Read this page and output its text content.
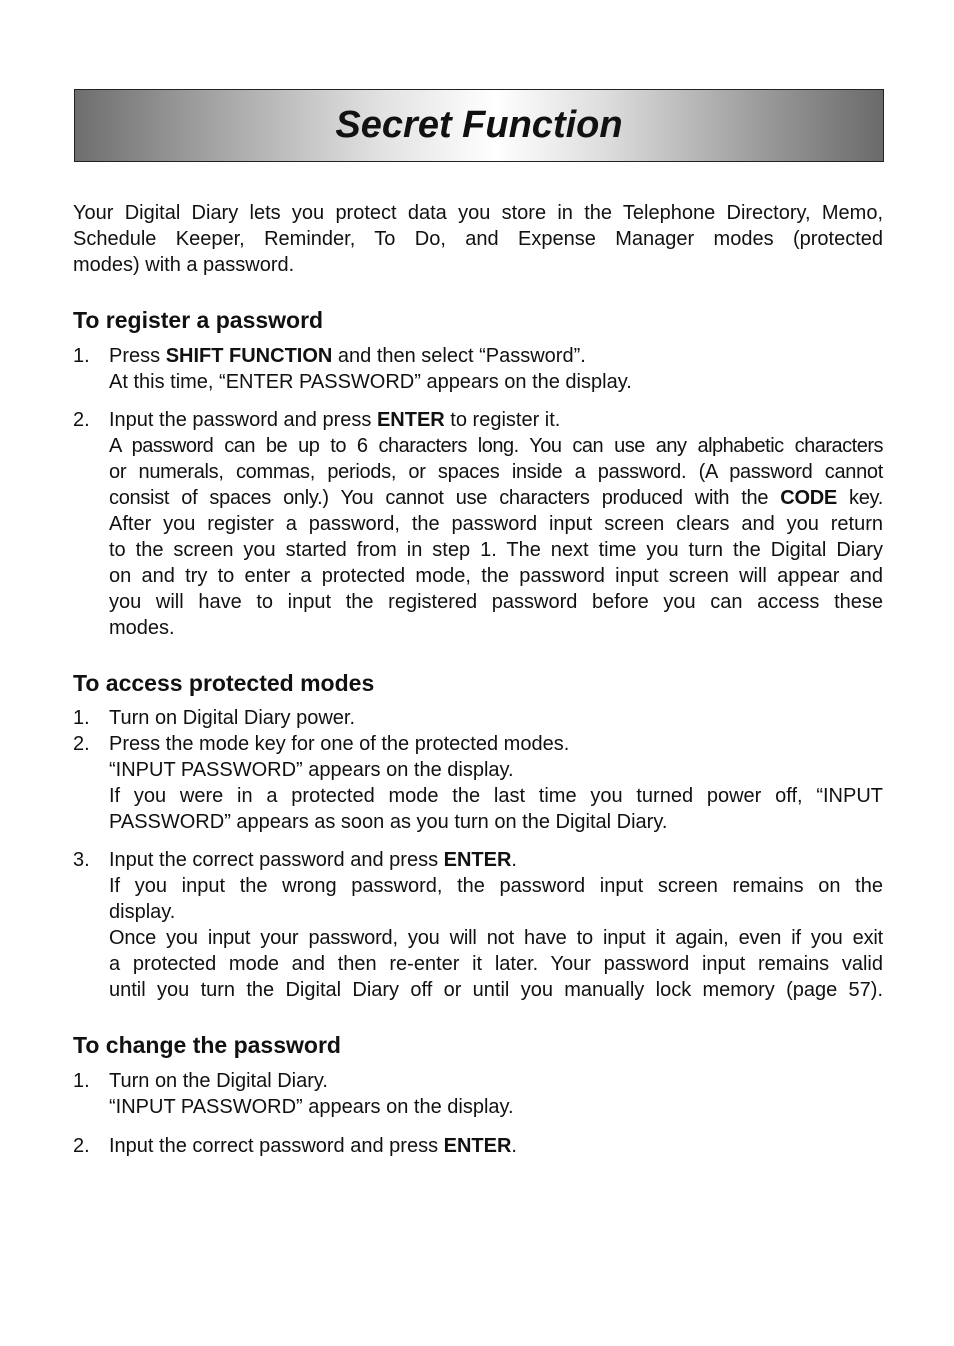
Secret Function
Your Digital Diary lets you protect data you store in the Telephone Directory, Memo,
Schedule Keeper, Reminder, To Do, and Expense Manager modes (protected
modes) with a password.
To register a password
1. Press SHIFT FUNCTION and then select “Password”.
At this time, “ENTER PASSWORD” appears on the display.
2. Input the password and press ENTER to register it.
A password can be up to 6 characters long. You can use any alphabetic characters
or numerals, commas, periods, or spaces inside a password. (A password cannot
consist of spaces only.) You cannot use characters produced with the CODE key.
After you register a password, the password input screen clears and you return
to the screen you started from in step 1. The next time you turn the Digital Diary
on and try to enter a protected mode, the password input screen will appear and
you will have to input the registered password before you can access these
modes.
To access protected modes
1. Turn on Digital Diary power.
2. Press the mode key for one of the protected modes.
“INPUT PASSWORD” appears on the display.
If you were in a protected mode the last time you turned power off, “INPUT
PASSWORD” appears as soon as you turn on the Digital Diary.
3. Input the correct password and press ENTER.
If you input the wrong password, the password input screen remains on the
display.
Once you input your password, you will not have to input it again, even if you exit
a protected mode and then re-enter it later. Your password input remains valid
until you turn the Digital Diary off or until you manually lock memory (page 57).
To change the password
1. Turn on the Digital Diary.
“INPUT PASSWORD” appears on the display.
2. Input the correct password and press ENTER.
